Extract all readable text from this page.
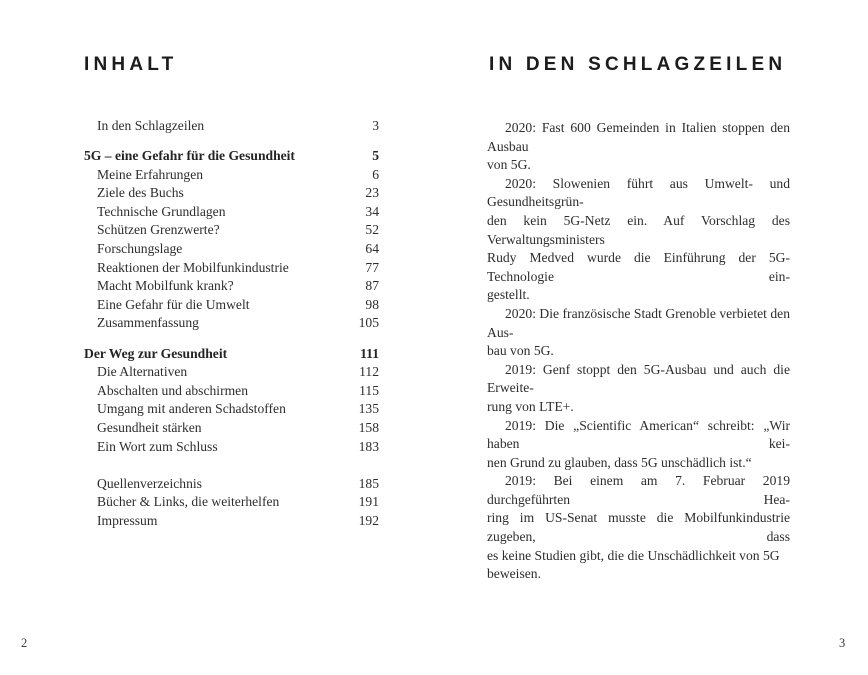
INHALT
In den Schlagzeilen	3
5G – eine Gefahr für die Gesundheit	5
Meine Erfahrungen	6
Ziele des Buchs	23
Technische Grundlagen	34
Schützen Grenzwerte?	52
Forschungslage	64
Reaktionen der Mobilfunkindustrie	77
Macht Mobilfunk krank?	87
Eine Gefahr für die Umwelt	98
Zusammenfassung	105
Der Weg zur Gesundheit	111
Die Alternativen	112
Abschalten und abschirmen	115
Umgang mit anderen Schadstoffen	135
Gesundheit stärken	158
Ein Wort zum Schluss	183
Quellenverzeichnis	185
Bücher & Links, die weiterhelfen	191
Impressum	192
2
IN DEN SCHLAGZEILEN
2020: Fast 600 Gemeinden in Italien stoppen den Ausbau
von 5G.
2020: Slowenien führt aus Umwelt- und Gesundheitsgrün-
den kein 5G-Netz ein. Auf Vorschlag des Verwaltungsministers
Rudy Medved wurde die Einführung der 5G-Technologie ein-
gestellt.
2020: Die französische Stadt Grenoble verbietet den Aus-
bau von 5G.
2019: Genf stoppt den 5G-Ausbau und auch die Erweite-
rung von LTE+.
2019: Die „Scientific American“ schreibt: „Wir haben kei-
nen Grund zu glauben, dass 5G unschädlich ist.“
2019: Bei einem am 7. Februar 2019 durchgeführten Hea-
ring im US-Senat musste die Mobilfunkindustrie zugeben, dass
es keine Studien gibt, die die Unschädlichkeit von 5G beweisen.
3
